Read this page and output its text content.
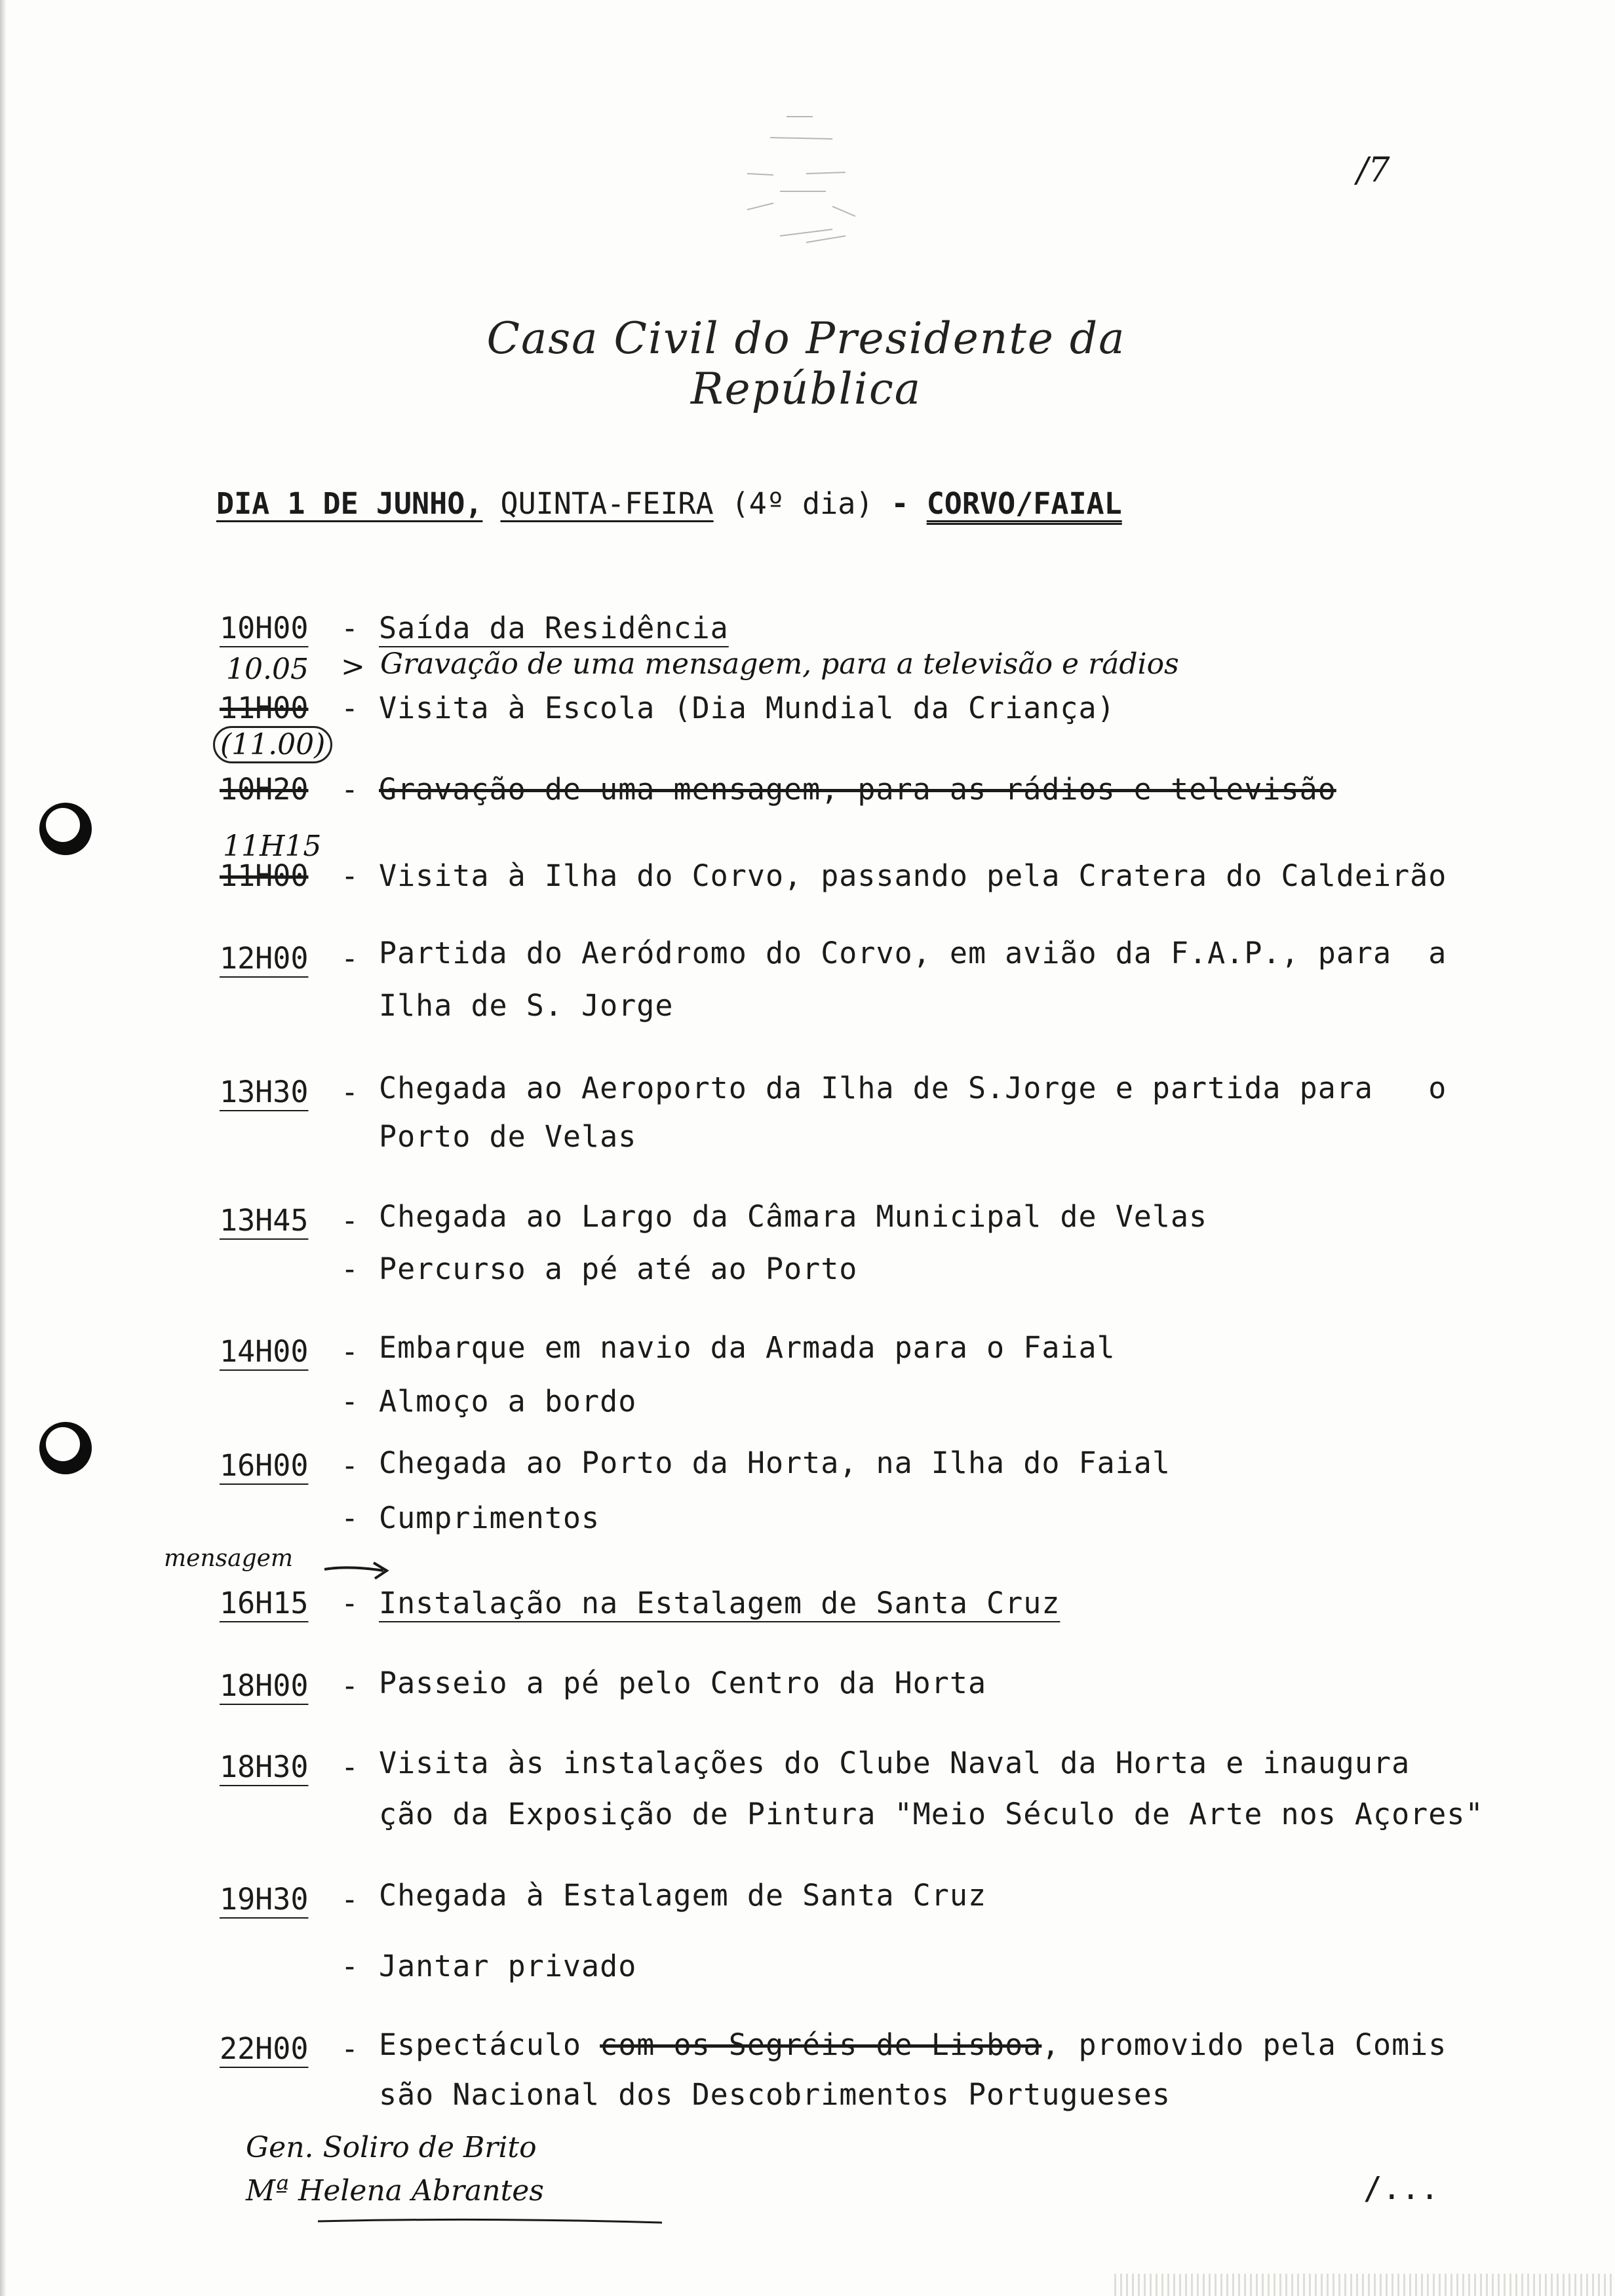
/7
Casa Civil do Presidente da República
DIA 1 DE JUNHO, QUINTA-FEIRA (4º dia) - CORVO/FAIAL
10H00 - Saída da Residência
10.05 > Gravação de uma mensagem, para a televisão e rádios
11H00 - Visita à Escola (Dia Mundial da Criança)
(11.00)
10H20 - Gravação de uma mensagem, para as rádios e televisão
11H15
11H00 - Visita à Ilha do Corvo, passando pela Cratera do Caldeirão
12H00 - Partida do Aeródromo do Corvo, em avião da F.A.P., para  a
Ilha de S. Jorge
13H30 - Chegada ao Aeroporto da Ilha de S.Jorge e partida para   o
Porto de Velas
13H45 - Chegada ao Largo da Câmara Municipal de Velas
- Percurso a pé até ao Porto
14H00 - Embarque em navio da Armada para o Faial
- Almoço a bordo
16H00 - Chegada ao Porto da Horta, na Ilha do Faial
- Cumprimentos
mensagem
16H15 - Instalação na Estalagem de Santa Cruz
18H00 - Passeio a pé pelo Centro da Horta
18H30 - Visita às instalações do Clube Naval da Horta e inaugura
ção da Exposição de Pintura "Meio Século de Arte nos Açores"
19H30 - Chegada à Estalagem de Santa Cruz
- Jantar privado
22H00 - Espectáculo com os Segréis de Lisboa, promovido pela Comis
são Nacional dos Descobrimentos Portugueses
Gen. Soliro de Brito
Mª Helena Abrantes	/...
